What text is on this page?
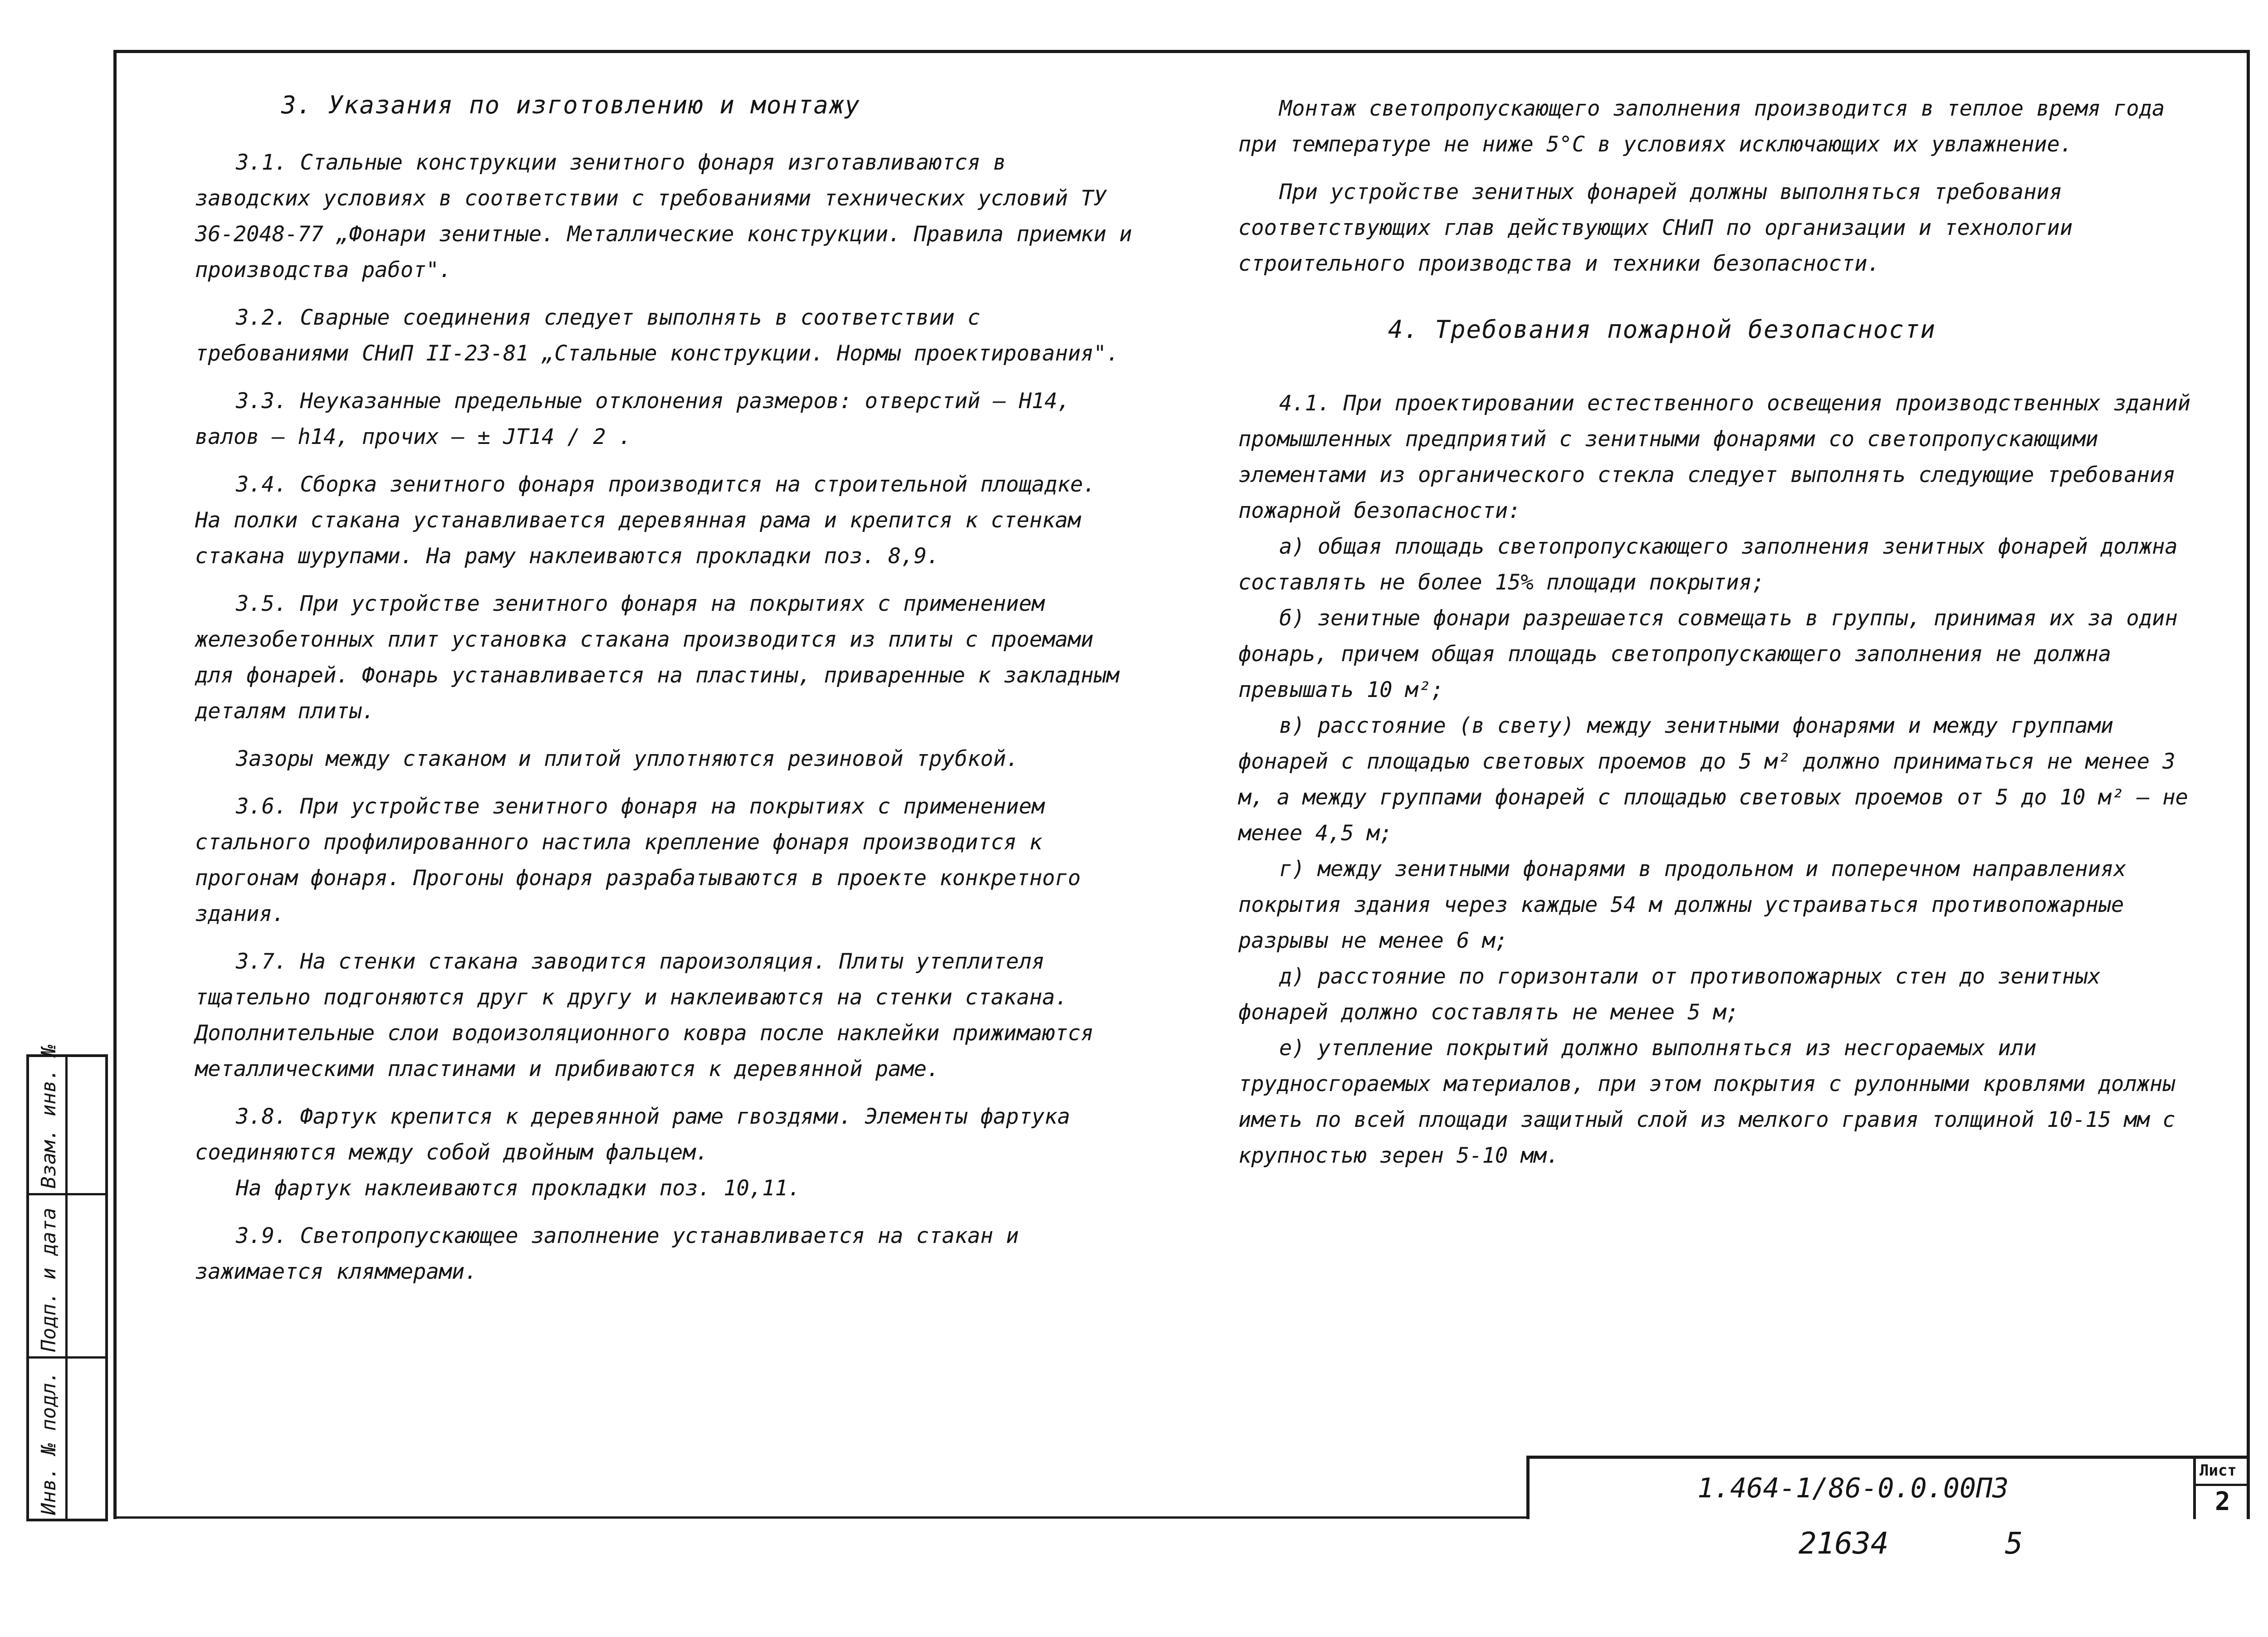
3. Указания по изготовлению и монтажу

3.1. Стальные конструкции зенитного фонаря изготавливаются в заводских условиях в соответствии с требованиями технических условий ТУ 36-2048-77 „Фонари зенитные. Металлические конструкции. Правила приемки и производства работ".

3.2. Сварные соединения следует выполнять в соответствии с требованиями СНиП II-23-81 „Стальные конструкции. Нормы проектирования".

3.3. Неуказанные предельные отклонения размеров: отверстий – H14, валов – h14, прочих – ± JT14 / 2 .

3.4. Сборка зенитного фонаря производится на строительной площадке. На полки стакана устанавливается деревянная рама и крепится к стенкам стакана шурупами. На раму наклеиваются прокладки поз. 8,9.

3.5. При устройстве зенитного фонаря на покрытиях с применением железобетонных плит установка стакана производится из плиты с проемами для фонарей. Фонарь устанавливается на пластины, приваренные к закладным деталям плиты.

Зазоры между стаканом и плитой уплотняются резиновой трубкой.

3.6. При устройстве зенитного фонаря на покрытиях с применением стального профилированного настила крепление фонаря производится к прогонам фонаря. Прогоны фонаря разрабатываются в проекте конкретного здания.

3.7. На стенки стакана заводится пароизоляция. Плиты утеплителя тщательно подгоняются друг к другу и наклеиваются на стенки стакана. Дополнительные слои водоизоляционного ковра после наклейки прижимаются металлическими пластинами и прибиваются к деревянной раме.

3.8. Фартук крепится к деревянной раме гвоздями. Элементы фартука соединяются между собой двойным фальцем.

На фартук наклеиваются прокладки поз. 10,11.

3.9. Светопропускающее заполнение устанавливается на стакан и зажимается кляммерами.

Монтаж светопропускающего заполнения производится в теплое время года при температуре не ниже 5°С в условиях исключающих их увлажнение.

При устройстве зенитных фонарей должны выполняться требования соответствующих глав действующих СНиП по организации и технологии строительного производства и техники безопасности.

4. Требования пожарной безопасности

4.1. При проектировании естественного освещения производственных зданий промышленных предприятий с зенитными фонарями со светопропускающими элементами из органического стекла следует выполнять следующие требования пожарной безопасности:

а) общая площадь светопропускающего заполнения зенитных фонарей должна составлять не более 15% площади покрытия;

б) зенитные фонари разрешается совмещать в группы, принимая их за один фонарь, причем общая площадь светопропускающего заполнения не должна превышать 10 м²;

в) расстояние (в свету) между зенитными фонарями и между группами фонарей с площадью световых проемов до 5 м² должно приниматься не менее 3 м, а между группами фонарей с площадью световых проемов от 5 до 10 м² – не менее 4,5 м;

г) между зенитными фонарями в продольном и поперечном направлениях покрытия здания через каждые 54 м должны устраиваться противопожарные разрывы не менее 6 м;

д) расстояние по горизонтали от противопожарных стен до зенитных фонарей должно составлять не менее 5 м;

е) утепление покрытий должно выполняться из несгораемых или трудносгораемых материалов, при этом покрытия с рулонными кровлями должны иметь по всей площади защитный слой из мелкого гравия толщиной 10-15 мм с крупностью зерен 5-10 мм.

1.464-1/86-0.0.00ПЗ
Лист
2
21634	5
Взам. инв. №
Подп. и дата
Инв. № подл.
